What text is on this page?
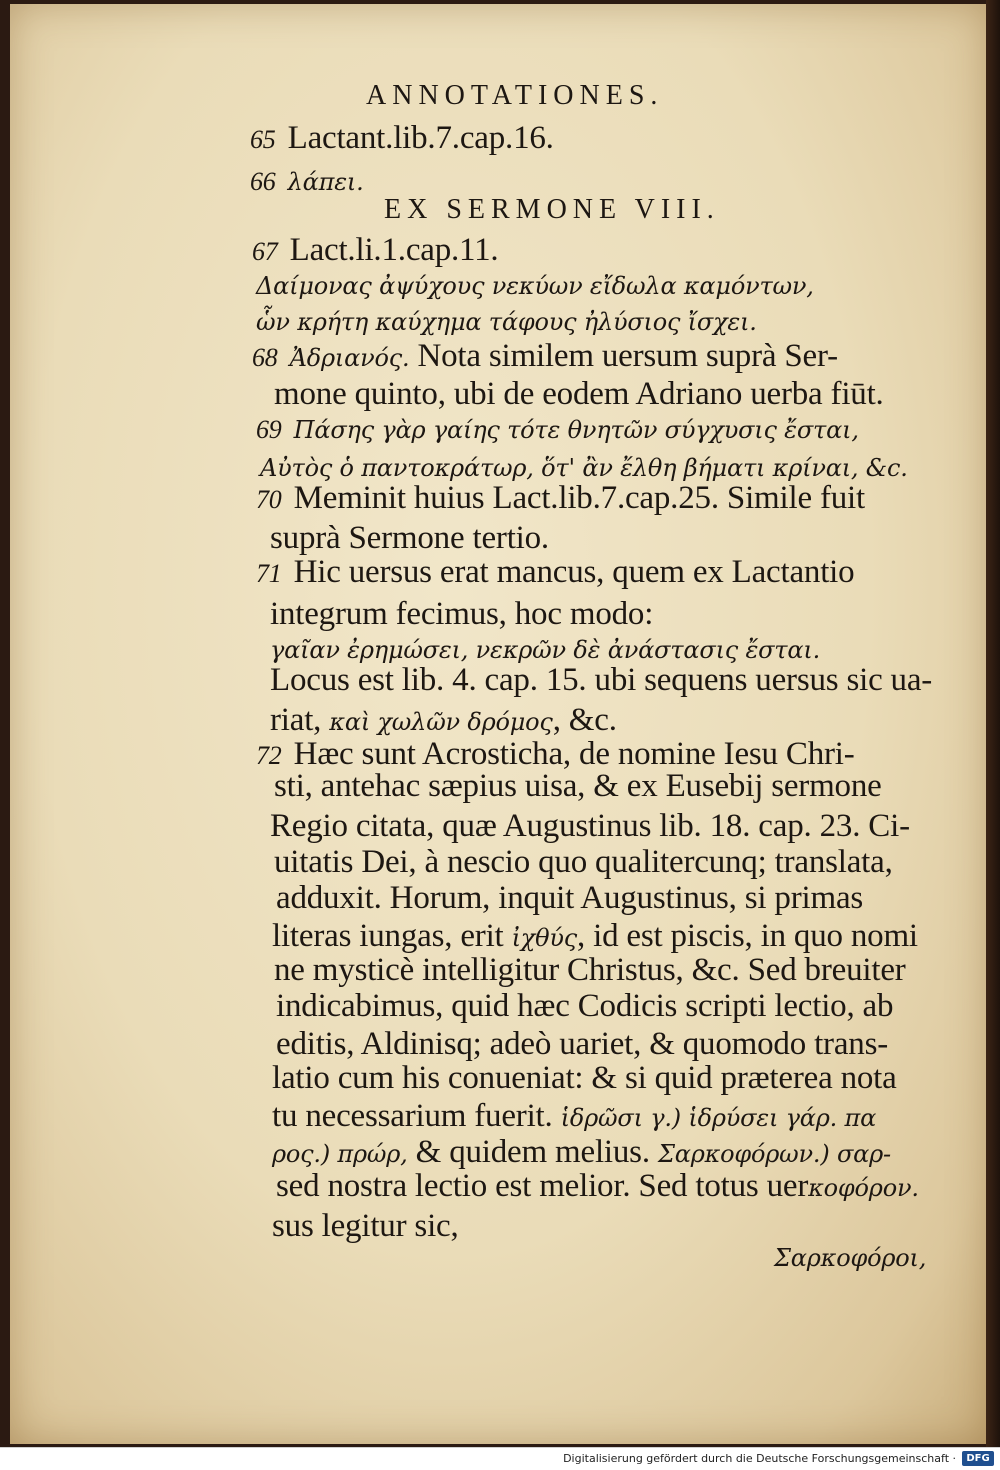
ANNOTATIONES.
65 Lactant.lib.7.cap.16.
66 λάπει.
EX SERMONE VIII.
67 Lact.li.1.cap.11.
Δαίμονας ἀψύχους νεκύων εἴδωλα καμόντων,
ὧν κρήτη καύχημα τάφους ἠλύσιος ἴσχει.
68 Ἀδριανός. Nota similem uersum suprà Ser-
mone quinto, ubi de eodem Adriano uerba fiūt.
69 Πάσης γὰρ γαίης τότε θνητῶν σύγχυσις ἔσται,
Αὐτὸς ὁ παντοκράτωρ, ὅτ' ἂν ἔλθη βήματι κρίναι, &c.
70 Meminit huius Lact.lib.7.cap.25. Simile fuit
suprà Sermone tertio.
71 Hic uersus erat mancus, quem ex Lactantio
integrum fecimus, hoc modo:
γαῖαν ἐρημώσει, νεκρῶν δὲ ἀνάστασις ἔσται.
Locus est lib. 4. cap. 15. ubi sequens uersus sic ua-
riat, καὶ χωλῶν δρόμος, &c.
72 Hæc sunt Acrosticha, de nomine Iesu Chri-
sti, antehac sæpius uisa, & ex Eusebij sermone
Regio citata, quæ Augustinus lib. 18. cap. 23. Ci-
uitatis Dei, à nescio quo qualitercunq; translata,
adduxit. Horum, inquit Augustinus, si primas
literas iungas, erit ἰχθύς, id est piscis, in quo nomi
ne mysticè intelligitur Christus, &c. Sed breuiter
indicabimus, quid hæc Codicis scripti lectio, ab
editis, Aldinisq; adeò uariet, & quomodo trans-
latio cum his conueniat: & si quid præterea nota
tu necessarium fuerit. ἱδρῶσι γ.) ἱδρύσει γάρ. πα
ρος.) πρώρ, & quidem melius. Σαρκοφόρων.) σαρ-
sed nostra lectio est melior. Sed totus uerκοφόρον.
sus legitur sic,
Σαρκοφόροι,
Digitalisierung gefördert durch die Deutsche Forschungsgemeinschaft ·	DFG
